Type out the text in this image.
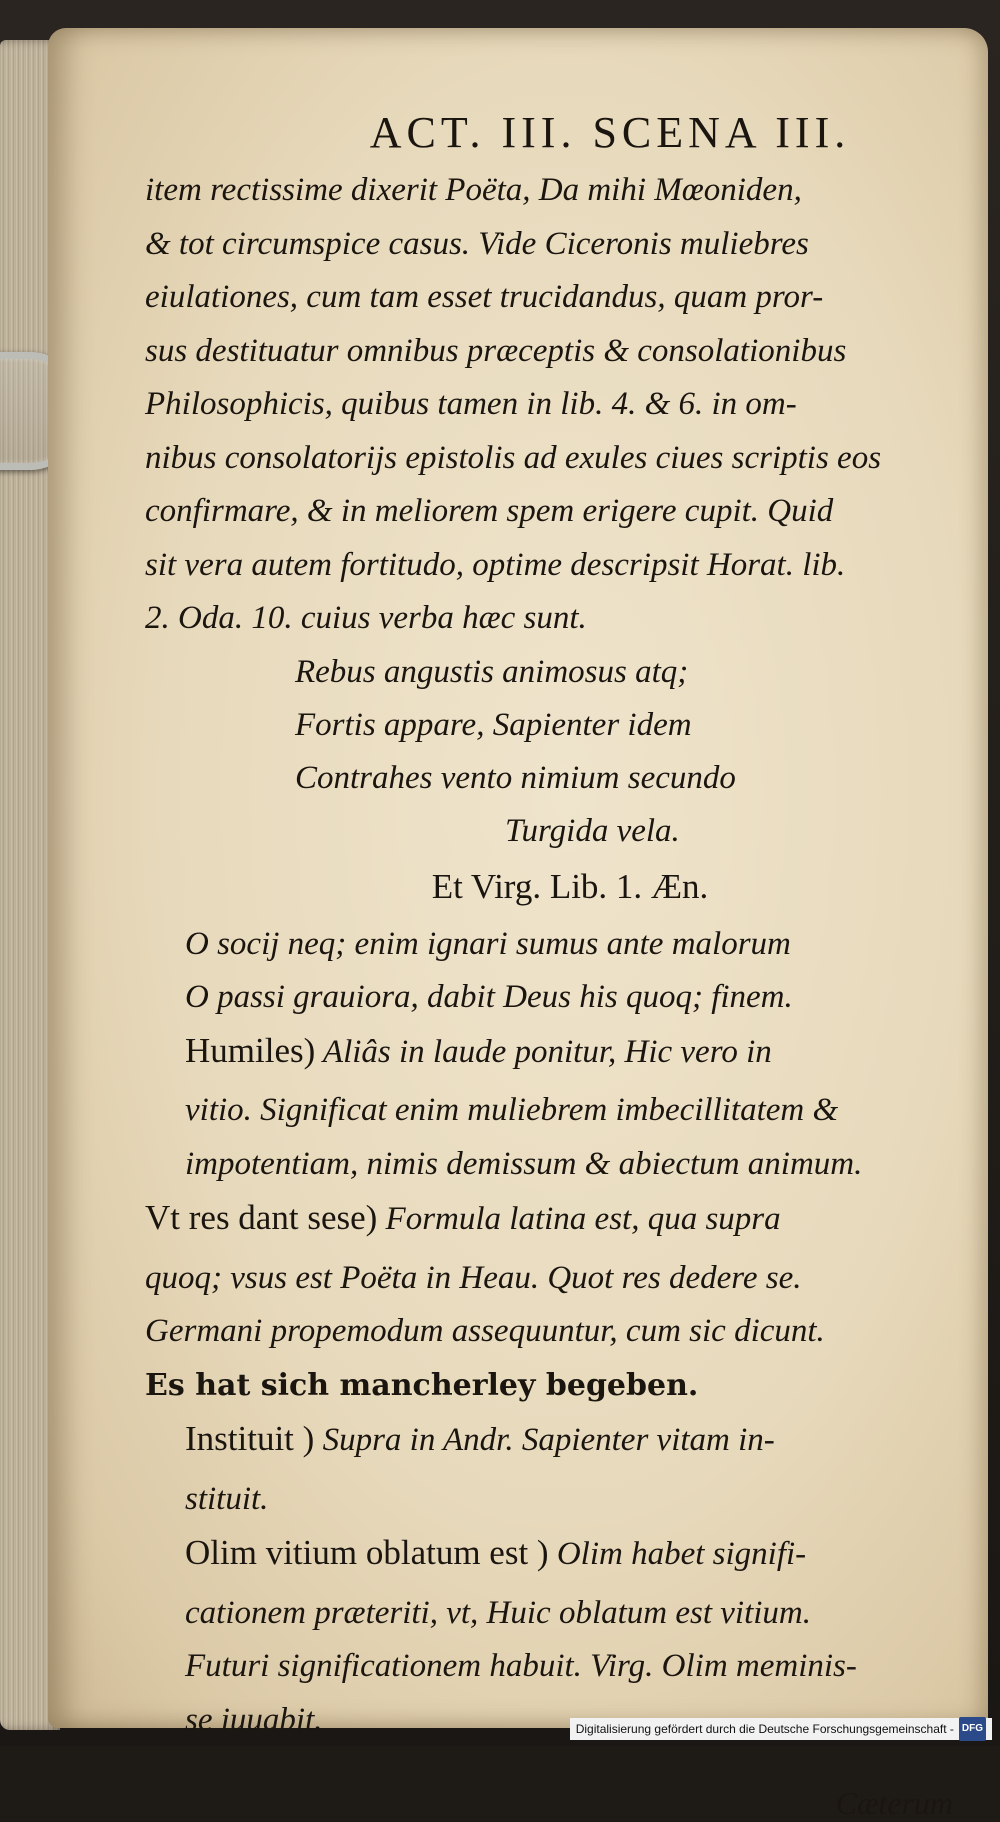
ACT. III. SCENA III.
item rectissime dixerit Poëta, Da mihi Mœoniden,
& tot circumspice casus. Vide Ciceronis muliebres
eiulationes, cum tam esset trucidandus, quam pror-
sus destituatur omnibus præceptis & consolationibus
Philosophicis, quibus tamen in lib. 4. & 6. in om-
nibus consolatorijs epistolis ad exules ciues scriptis eos
confirmare, & in meliorem spem erigere cupit. Quid
sit vera autem fortitudo, optime descripsit Horat. lib.
2. Oda. 10. cuius verba hæc sunt.
Rebus angustis animosus atq;
Fortis appare, Sapienter idem
Contrahes vento nimium secundo
Turgida vela.
Et Virg. Lib. 1. Æn.
O socij neq; enim ignari sumus ante malorum
O passi grauiora, dabit Deus his quoq; finem.
Humiles) Aliâs in laude ponitur, Hic vero in
vitio. Significat enim muliebrem imbecillitatem &
impotentiam, nimis demissum & abiectum animum.
Vt res dant sese) Formula latina est, qua supra
quoq; vsus est Poëta in Heau. Quot res dedere se.
Germani propemodum assequuntur, cum sic dicunt.
Es hat sich mancherley begeben.
Instituit ) Supra in Andr. Sapienter vitam in-
stituit.
Olim vitium oblatum est ) Olim habet signifi-
cationem præteriti, vt, Huic oblatum est vitium.
Futuri significationem habuit. Virg. Olim meminis-
se iuuabit.
Cæterum
Digitalisierung gefördert durch die Deutsche Forschungsgemeinschaft - DFG
